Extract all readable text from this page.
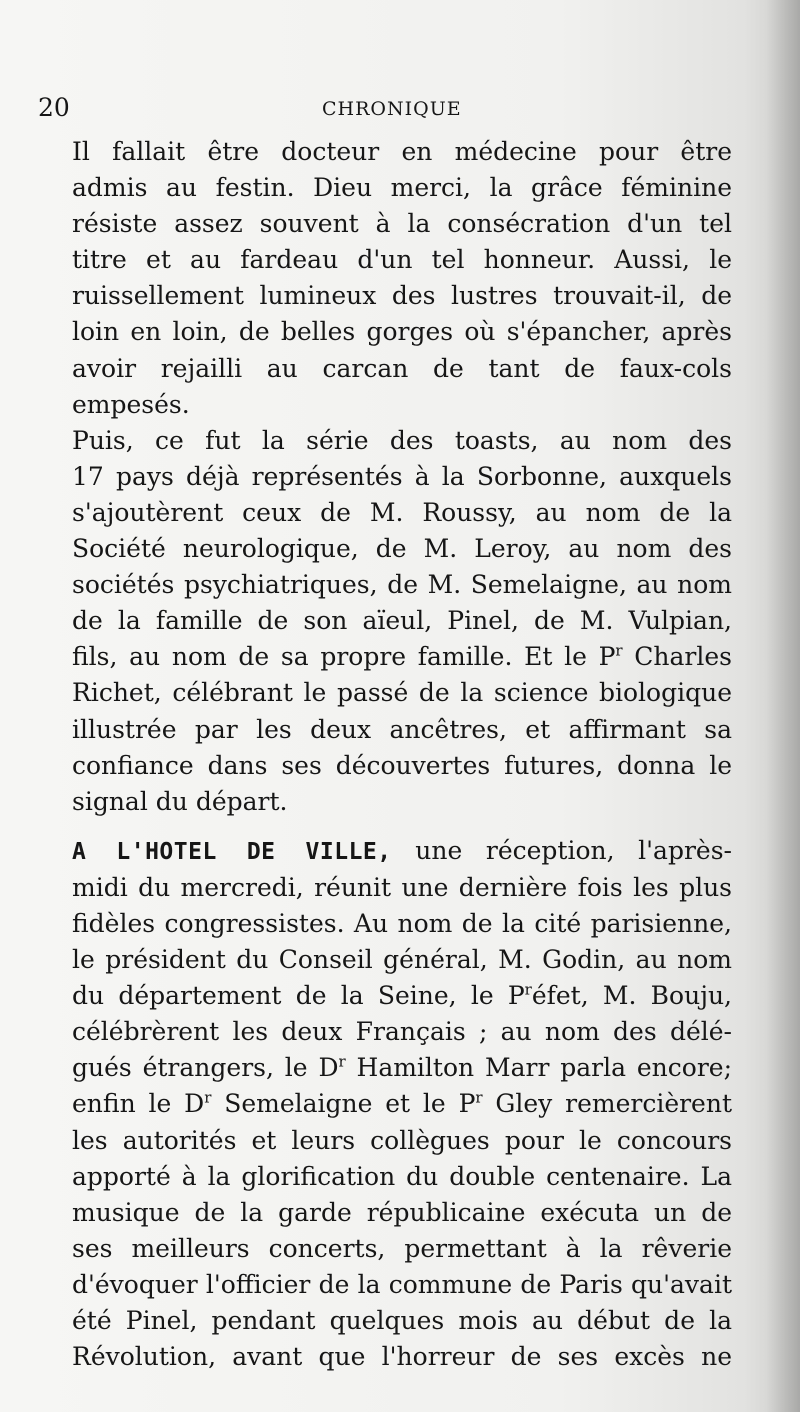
20	CHRONIQUE

Il fallait être docteur en médecine pour être
admis au festin. Dieu merci, la grâce féminine
résiste assez souvent à la consécration d'un tel
titre et au fardeau d'un tel honneur. Aussi, le
ruissellement lumineux des lustres trouvait-il, de
loin en loin, de belles gorges où s'épancher, après
avoir rejailli au carcan de tant de faux-cols
empesés.

Puis, ce fut la série des toasts, au nom des
17 pays déjà représentés à la Sorbonne, auxquels
s'ajoutèrent ceux de M. Roussy, au nom de la
Société neurologique, de M. Leroy, au nom des
sociétés psychiatriques, de M. Semelaigne, au nom
de la famille de son aïeul, Pinel, de M. Vulpian,
fils, au nom de sa propre famille. Et le $P^r$ Charles
Richet, célébrant le passé de la science biologique
illustrée par les deux ancêtres, et affirmant sa
confiance dans ses découvertes futures, donna le
signal du départ.

A L'HOTEL DE VILLE, une réception, l'après-
midi du mercredi, réunit une dernière fois les plus
fidèles congressistes. Au nom de la cité parisienne,
le président du Conseil général, M. Godin, au nom
du département de la Seine, le $P^réfet$, M. Bouju,
célébrèrent les deux Français ; au nom des délé-
gués étrangers, le $D^r$ Hamilton Marr parla encore;
enfin le $D^r$ Semelaigne et le $P^r$ Gley remercièrent
les autorités et leurs collègues pour le concours
apporté à la glorification du double centenaire. La
musique de la garde républicaine exécuta un de
ses meilleurs concerts, permettant à la rêverie
d'évoquer l'officier de la commune de Paris qu'avait
été Pinel, pendant quelques mois au début de la
Révolution, avant que l'horreur de ses excès ne
